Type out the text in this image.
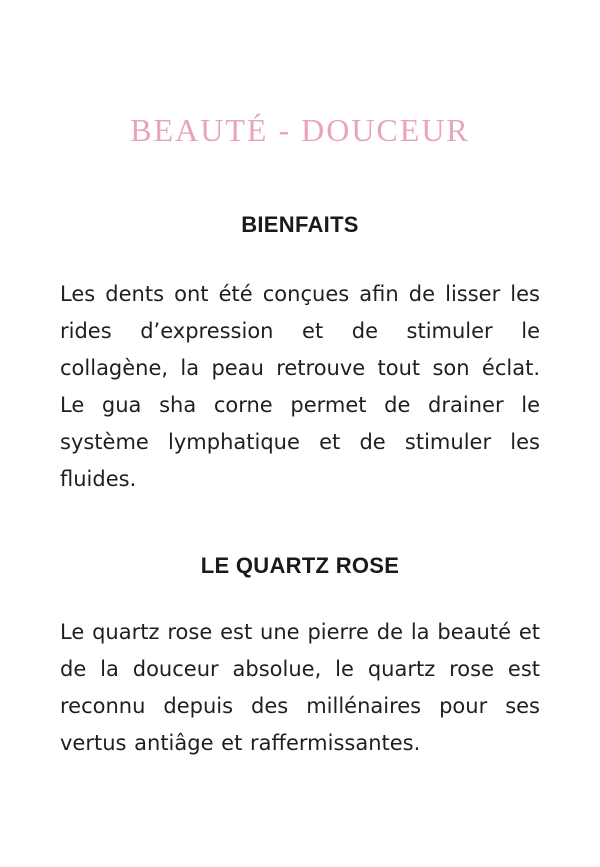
BEAUTÉ - DOUCEUR
BIENFAITS
Les dents ont été conçues afin de lisser les rides d’expression et de stimuler le collagène, la peau retrouve tout son éclat. Le gua sha corne permet de drainer le système lymphatique et de stimuler les fluides.
LE QUARTZ ROSE
Le quartz rose est une pierre de la beauté et de la douceur absolue, le quartz rose est reconnu depuis des millénaires pour ses vertus antiâge et raffermissantes.
